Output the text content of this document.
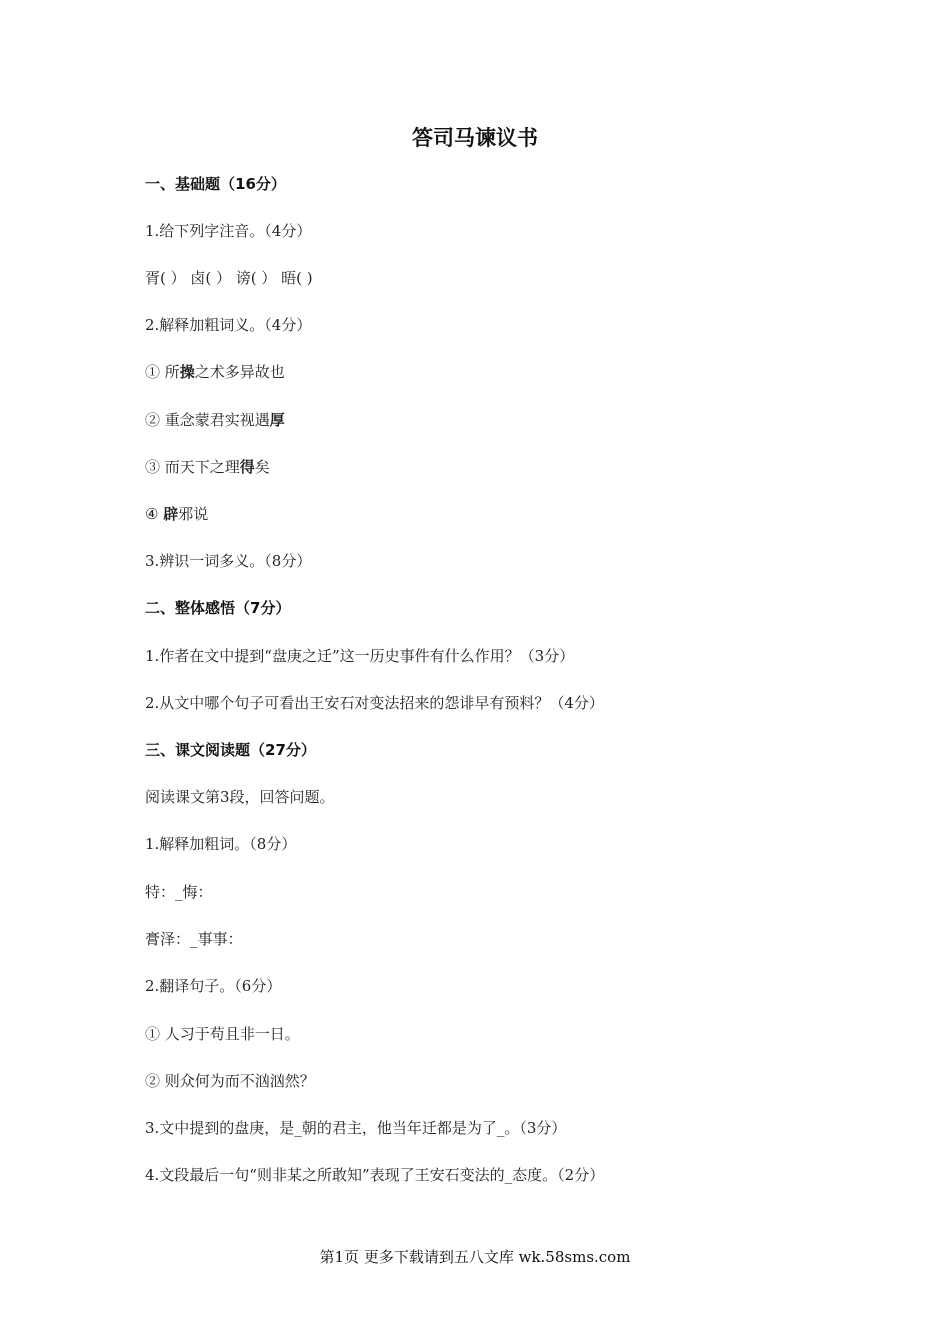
答司马谏议书
一、基础题（16分）
1.给下列字注音。（4分）
胥( ） 卤( ） 谤( ） 晤( )
2.解释加粗词义。（4分）
① 所操之术多异故也
② 重念蒙君实视遇厚
③ 而天下之理得矣
④ 辟邪说
3.辨识一词多义。（8分）
二、整体感悟（7分）
1.作者在文中提到“盘庚之迁”这一历史事件有什么作用？（3分）
2.从文中哪个句子可看出王安石对变法招来的怨诽早有预料？（4分）
三、课文阅读题（27分）
阅读课文第3段，回答问题。
1.解释加粗词。（8分）
特：_悔：
膏泽：_事事：
2.翻译句子。（6分）
① 人习于苟且非一日。
② 则众何为而不汹汹然？
3.文中提到的盘庚，是_朝的君主，他当年迁都是为了_。（3分）
4.文段最后一句“则非某之所敢知”表现了王安石变法的_态度。（2分）
第1页 更多下载请到五八文库 wk.58sms.com
